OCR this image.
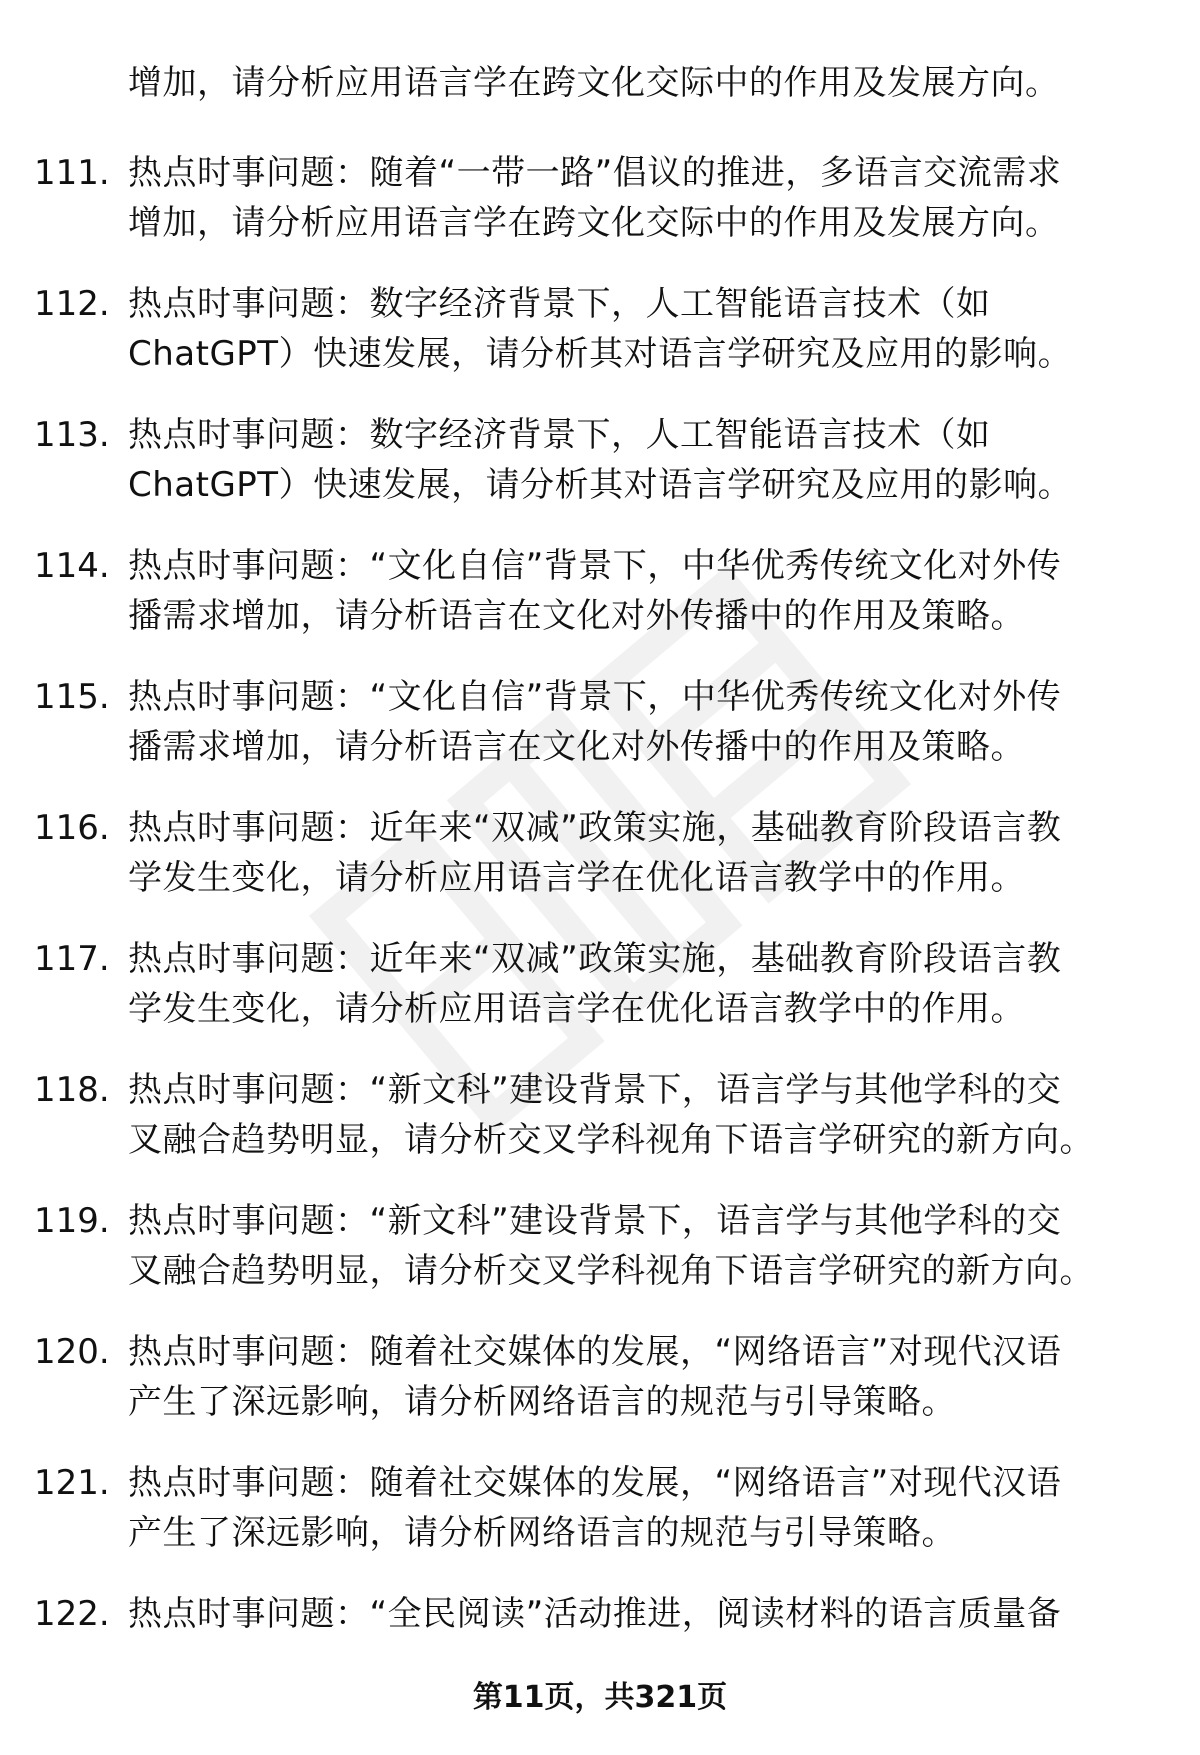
增加，请分析应用语言学在跨文化交际中的作用及发展方向。
111. 热点时事问题：随着“一带一路”倡议的推进，多语言交流需求
增加，请分析应用语言学在跨文化交际中的作用及发展方向。
112. 热点时事问题：数字经济背景下，人工智能语言技术（如
ChatGPT）快速发展，请分析其对语言学研究及应用的影响。
113. 热点时事问题：数字经济背景下，人工智能语言技术（如
ChatGPT）快速发展，请分析其对语言学研究及应用的影响。
114. 热点时事问题：“文化自信”背景下，中华优秀传统文化对外传
播需求增加，请分析语言在文化对外传播中的作用及策略。
115. 热点时事问题：“文化自信”背景下，中华优秀传统文化对外传
播需求增加，请分析语言在文化对外传播中的作用及策略。
116. 热点时事问题：近年来“双减”政策实施，基础教育阶段语言教
学发生变化，请分析应用语言学在优化语言教学中的作用。
117. 热点时事问题：近年来“双减”政策实施，基础教育阶段语言教
学发生变化，请分析应用语言学在优化语言教学中的作用。
118. 热点时事问题：“新文科”建设背景下，语言学与其他学科的交
叉融合趋势明显，请分析交叉学科视角下语言学研究的新方向。
119. 热点时事问题：“新文科”建设背景下，语言学与其他学科的交
叉融合趋势明显，请分析交叉学科视角下语言学研究的新方向。
120. 热点时事问题：随着社交媒体的发展，“网络语言”对现代汉语
产生了深远影响，请分析网络语言的规范与引导策略。
121. 热点时事问题：随着社交媒体的发展，“网络语言”对现代汉语
产生了深远影响，请分析网络语言的规范与引导策略。
122. 热点时事问题：“全民阅读”活动推进，阅读材料的语言质量备
第11页，共321页
